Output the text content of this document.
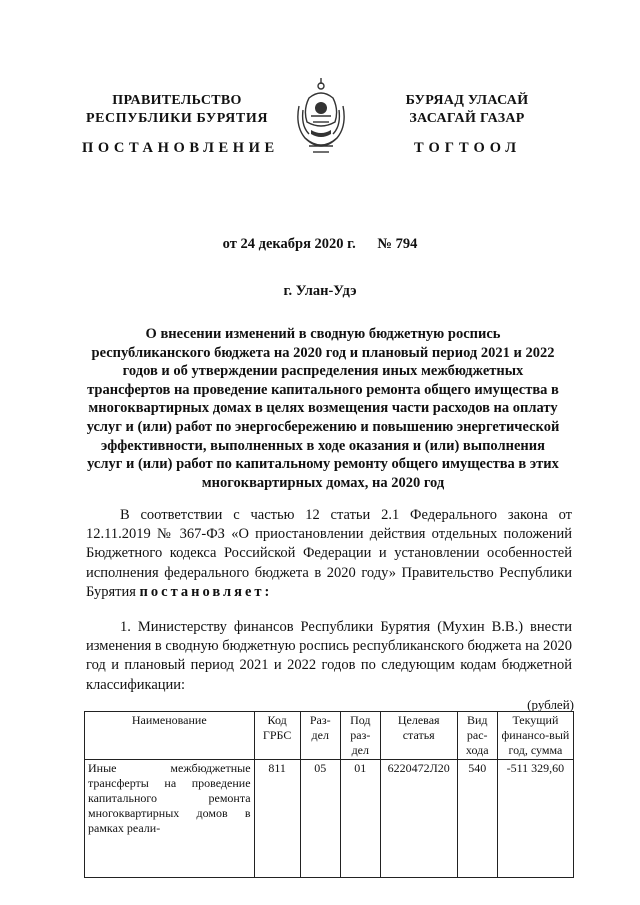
ПРАВИТЕЛЬСТВО
РЕСПУБЛИКИ БУРЯТИЯ
БУРЯАД УЛАСАЙ
ЗАСАГАЙ ГАЗАР
ПОСТАНОВЛЕНИЕ	ТОГТООЛ
от 24 декабря 2020 г. № 794
г. Улан-Удэ
О внесении изменений в сводную бюджетную роспись республиканского бюджета на 2020 год и плановый период 2021 и 2022 годов и об утверждении распределения иных межбюджетных трансфертов на проведение капитального ремонта общего имущества в многоквартирных домах в целях возмещения части расходов на оплату услуг и (или) работ по энергосбережению и повышению энергетической эффективности, выполненных в ходе оказания и (или) выполнения услуг и (или) работ по капитальному ремонту общего имущества в этих многоквартирных домах, на 2020 год
В соответствии с частью 12 статьи 2.1 Федерального закона от 12.11.2019 № 367-ФЗ «О приостановлении действия отдельных положений Бюджетного кодекса Российской Федерации и установлении особенностей исполнения федерального бюджета в 2020 году» Правительство Республики Бурятия постановляет:
1. Министерству финансов Республики Бурятия (Мухин В.В.) внести изменения в сводную бюджетную роспись республиканского бюджета на 2020 год и плановый период 2021 и 2022 годов по следующим кодам бюджетной классификации:
(рублей)
Наименование	Код ГРБС	Раз-дел	Под раз-дел	Целевая статья	Вид рас-хода	Текущий финансо-вый год, сумма
Иные межбюджетные трансферты на проведение капитального ремонта многоквартирных домов в рамках реали-	811	05	01	6220472Л20	540	-511 329,60
